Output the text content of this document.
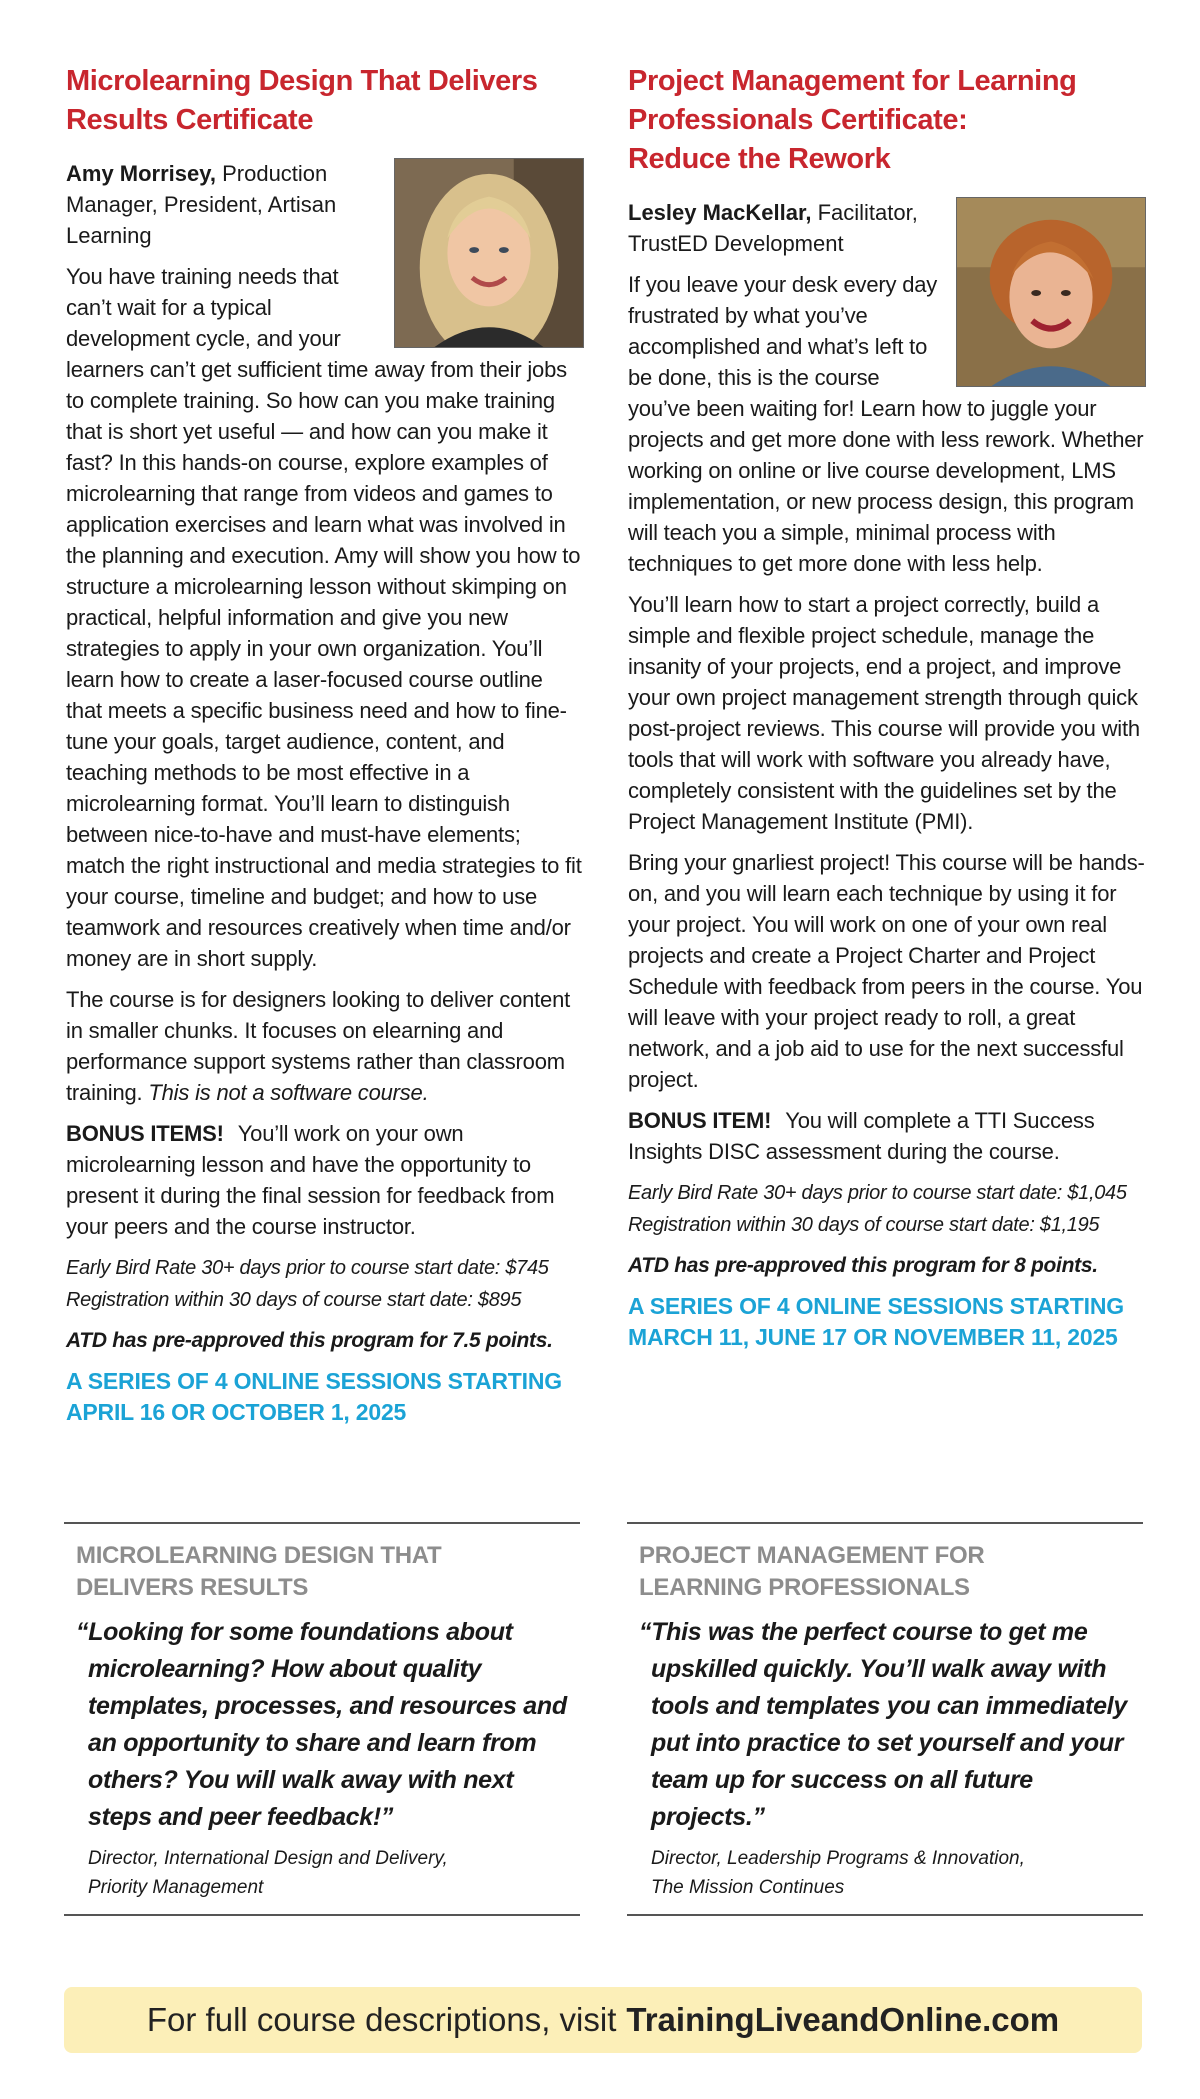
Microlearning Design That Delivers
Results Certificate

Amy Morrisey, Production Manager, President, Artisan Learning

You have training needs that can’t wait for a typical development cycle, and your learners can’t get sufficient time away from their jobs to complete training. So how can you make training that is short yet useful — and how can you make it fast? In this hands-on course, explore examples of microlearning that range from videos and games to application exercises and learn what was involved in the planning and execution. Amy will show you how to structure a microlearning lesson without skimping on practical, helpful information and give you new strategies to apply in your own organization. You’ll learn how to create a laser-focused course outline that meets a specific business need and how to fine-tune your goals, target audience, content, and teaching methods to be most effective in a microlearning format. You’ll learn to distinguish between nice-to-have and must-have elements; match the right instructional and media strategies to fit your course, timeline and budget; and how to use teamwork and resources creatively when time and/or money are in short supply.

The course is for designers looking to deliver content in smaller chunks. It focuses on elearning and performance support systems rather than classroom training. This is not a software course.

BONUS ITEMS! You’ll work on your own microlearning lesson and have the opportunity to present it during the final session for feedback from your peers and the course instructor.

Early Bird Rate 30+ days prior to course start date: $745
Registration within 30 days of course start date: $895

ATD has pre-approved this program for 7.5 points.

A SERIES OF 4 ONLINE SESSIONS STARTING
APRIL 16 OR OCTOBER 1, 2025

Project Management for Learning
Professionals Certificate:
Reduce the Rework

Lesley MacKellar, Facilitator, TrustED Development

If you leave your desk every day frustrated by what you’ve accomplished and what’s left to be done, this is the course you’ve been waiting for! Learn how to juggle your projects and get more done with less rework. Whether working on online or live course development, LMS implementation, or new process design, this program will teach you a simple, minimal process with techniques to get more done with less help.

You’ll learn how to start a project correctly, build a simple and flexible project schedule, manage the insanity of your projects, end a project, and improve your own project management strength through quick post-project reviews. This course will provide you with tools that will work with software you already have, completely consistent with the guidelines set by the Project Management Institute (PMI).

Bring your gnarliest project! This course will be hands-on, and you will learn each technique by using it for your project. You will work on one of your own real projects and create a Project Charter and Project Schedule with feedback from peers in the course. You will leave with your project ready to roll, a great network, and a job aid to use for the next successful project.

BONUS ITEM! You will complete a TTI Success Insights DISC assessment during the course.

Early Bird Rate 30+ days prior to course start date: $1,045
Registration within 30 days of course start date: $1,195

ATD has pre-approved this program for 8 points.

A SERIES OF 4 ONLINE SESSIONS STARTING
MARCH 11, JUNE 17 OR NOVEMBER 11, 2025

MICROLEARNING DESIGN THAT
DELIVERS RESULTS

“Looking for some foundations about microlearning? How about quality templates, processes, and resources and an opportunity to share and learn from others? You will walk away with next steps and peer feedback!”

Director, International Design and Delivery,
Priority Management

PROJECT MANAGEMENT FOR
LEARNING PROFESSIONALS

“This was the perfect course to get me upskilled quickly. You’ll walk away with tools and templates you can immediately put into practice to set yourself and your team up for success on all future projects.”

Director, Leadership Programs & Innovation,
The Mission Continues

For full course descriptions, visit TrainingLiveandOnline.com
